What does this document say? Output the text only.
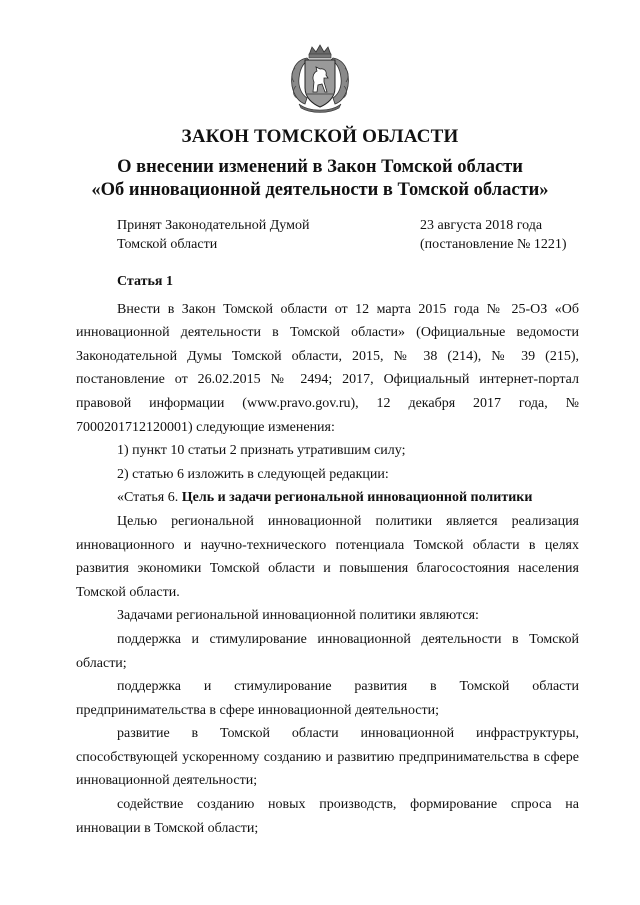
ЗАКОН ТОМСКОЙ ОБЛАСТИ
О внесении изменений в Закон Томской области
«Об инновационной деятельности в Томской области»
Принят Законодательной Думой
Томской области
23 августа 2018 года
(постановление № 1221)
Статья 1

Внести в Закон Томской области от 12 марта 2015 года № 25-ОЗ «Об инновационной деятельности в Томской области» (Официальные ведомости Законодательной Думы Томской области, 2015, № 38 (214), № 39 (215), постановление от 26.02.2015 № 2494; 2017, Официальный интернет-портал правовой информации (www.pravo.gov.ru), 12 декабря 2017 года, № 7000201712120001) следующие изменения:

1) пункт 10 статьи 2 признать утратившим силу;

2) статью 6 изложить в следующей редакции:

«Статья 6. Цель и задачи региональной инновационной политики

Целью региональной инновационной политики является реализация инновационного и научно-технического потенциала Томской области в целях развития экономики Томской области и повышения благосостояния населения Томской области.

Задачами региональной инновационной политики являются:

поддержка и стимулирование инновационной деятельности в Томской области;

поддержка и стимулирование развития в Томской области предпринимательства в сфере инновационной деятельности;

развитие в Томской области инновационной инфраструктуры, способствующей ускоренному созданию и развитию предпринимательства в сфере инновационной деятельности;

содействие созданию новых производств, формирование спроса на инновации в Томской области;
